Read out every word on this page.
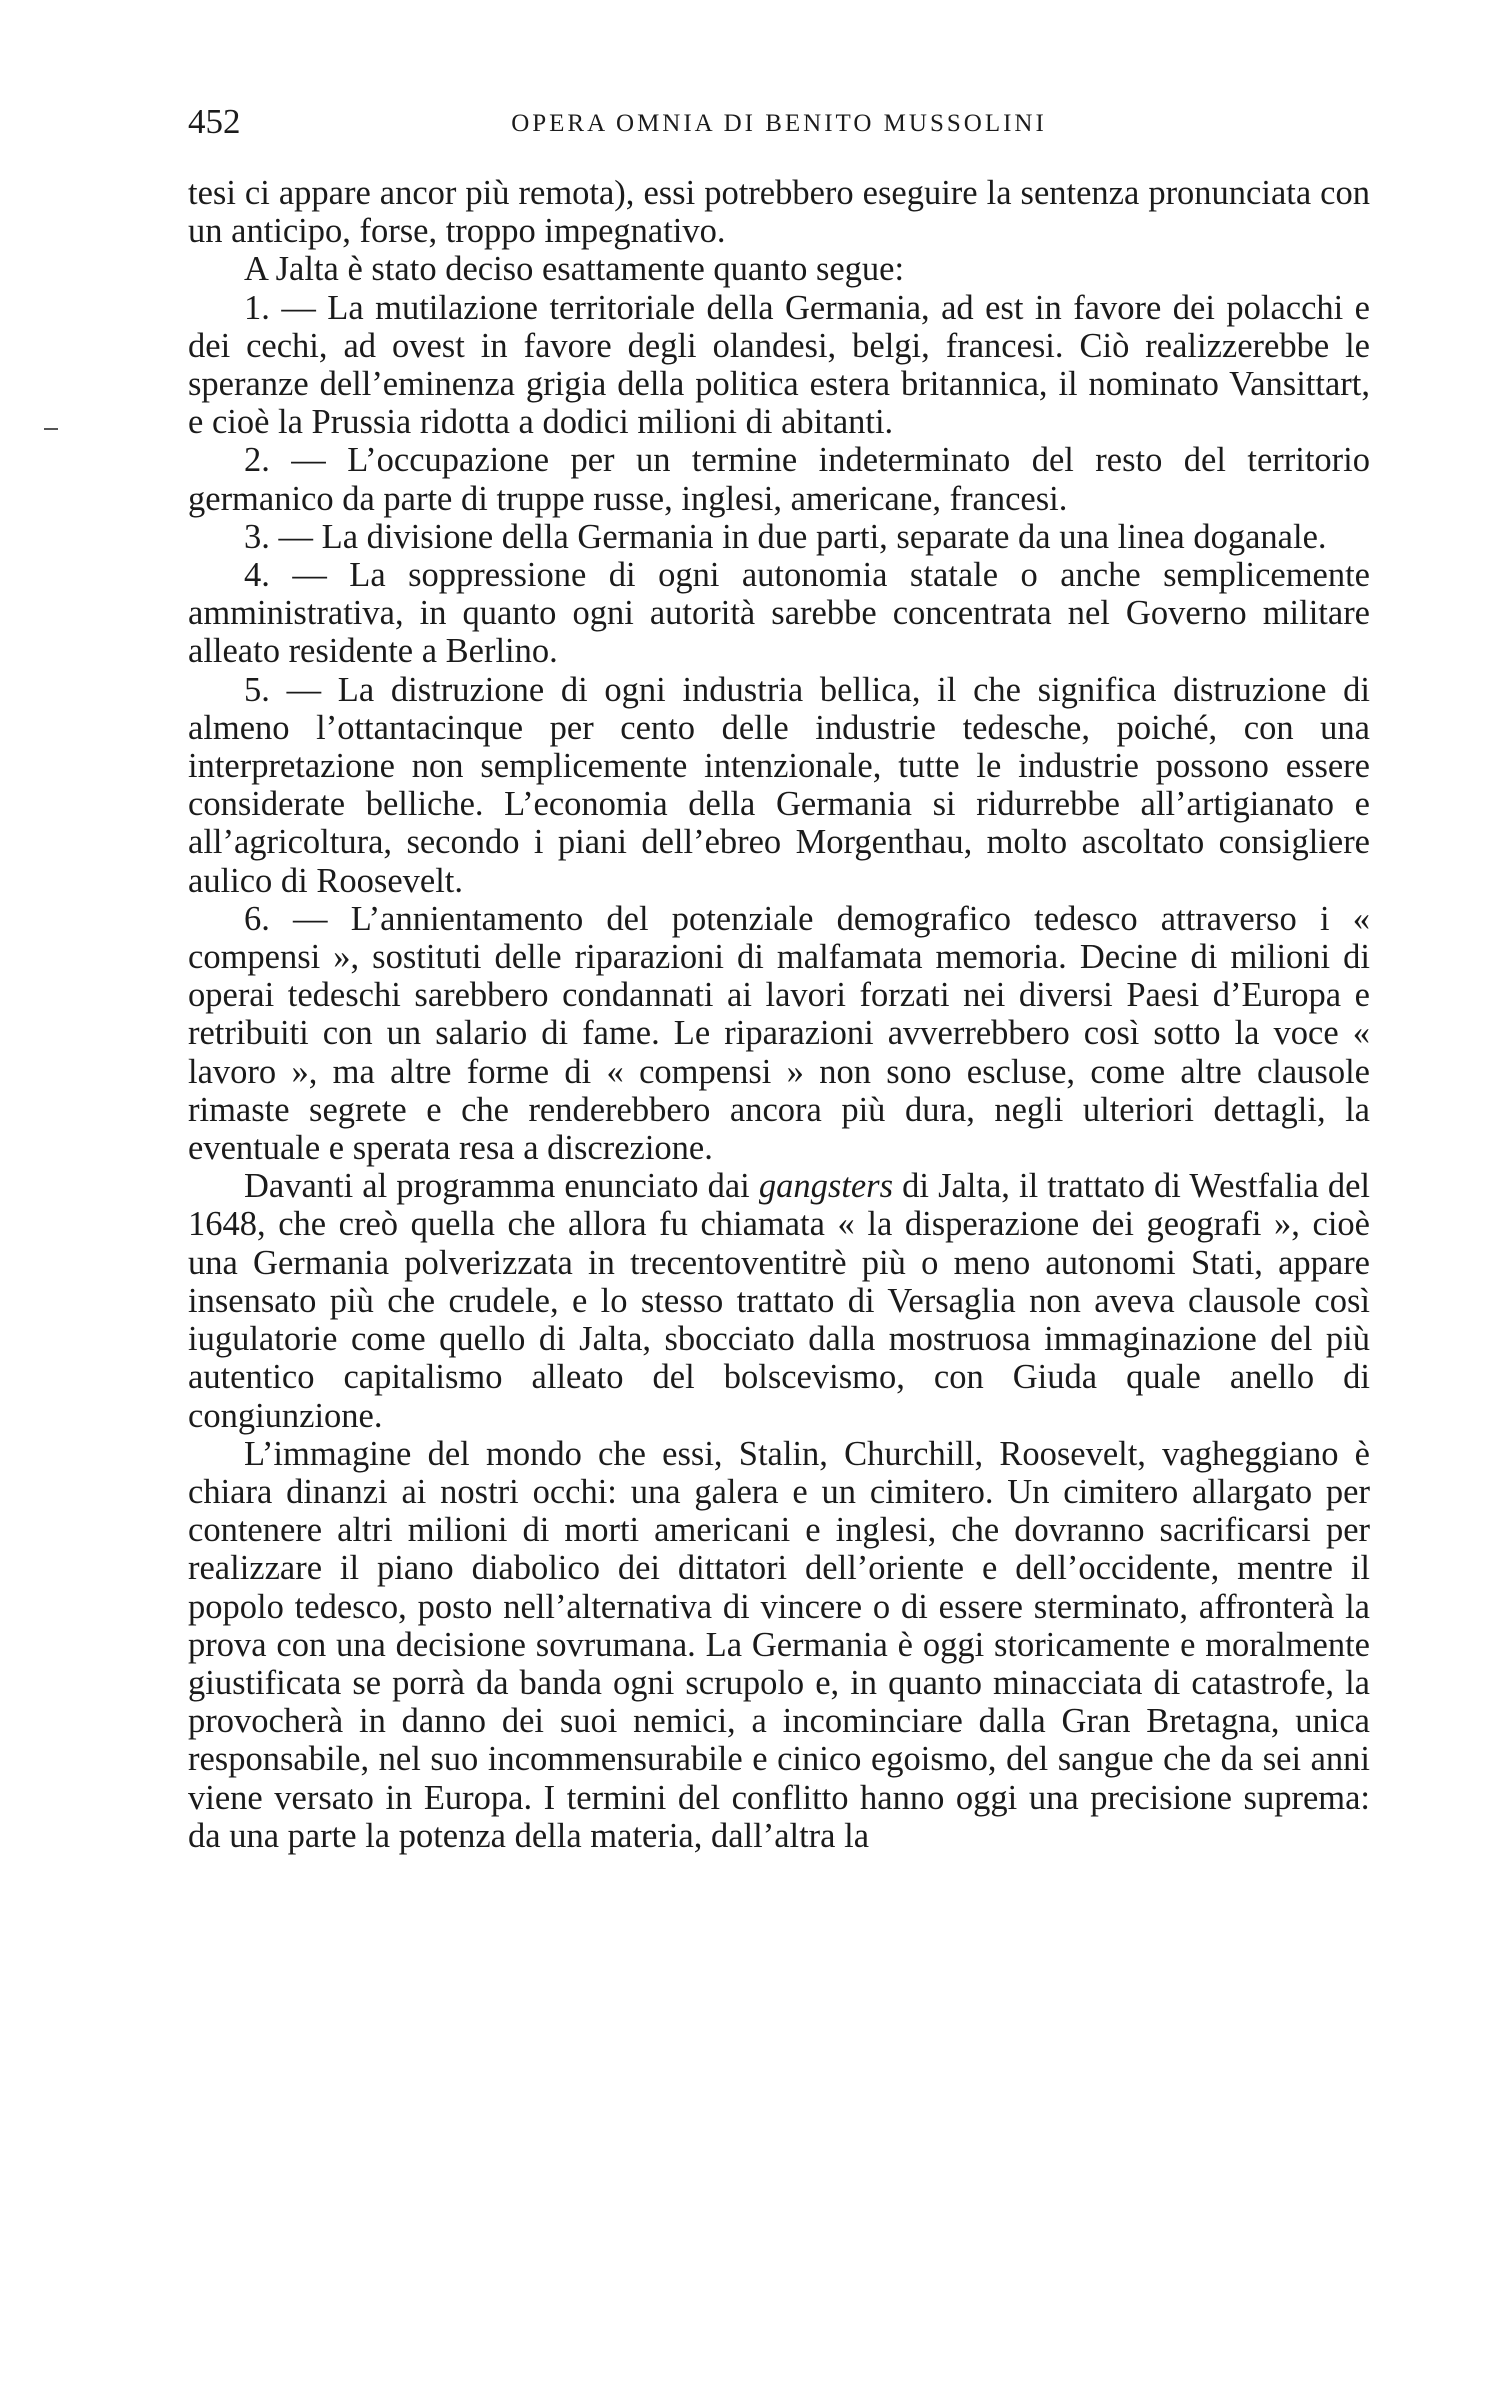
452	OPERA OMNIA DI BENITO MUSSOLINI

tesi ci appare ancor più remota), essi potrebbero eseguire la sentenza pronunciata con un anticipo, forse, troppo impegnativo.

A Jalta è stato deciso esattamente quanto segue:

1. — La mutilazione territoriale della Germania, ad est in favore dei polacchi e dei cechi, ad ovest in favore degli olandesi, belgi, francesi. Ciò realizzerebbe le speranze dell’eminenza grigia della politica estera britannica, il nominato Vansittart, e cioè la Prussia ridotta a dodici milioni di abitanti.

2. — L’occupazione per un termine indeterminato del resto del territorio germanico da parte di truppe russe, inglesi, americane, francesi.

3. — La divisione della Germania in due parti, separate da una linea doganale.

4. — La soppressione di ogni autonomia statale o anche semplicemente amministrativa, in quanto ogni autorità sarebbe concentrata nel Governo militare alleato residente a Berlino.

5. — La distruzione di ogni industria bellica, il che significa distruzione di almeno l’ottantacinque per cento delle industrie tedesche, poiché, con una interpretazione non semplicemente intenzionale, tutte le industrie possono essere considerate belliche. L’economia della Germania si ridurrebbe all’artigianato e all’agricoltura, secondo i piani dell’ebreo Morgenthau, molto ascoltato consigliere aulico di Roosevelt.

6. — L’annientamento del potenziale demografico tedesco attraverso i « compensi », sostituti delle riparazioni di malfamata memoria. Decine di milioni di operai tedeschi sarebbero condannati ai lavori forzati nei diversi Paesi d’Europa e retribuiti con un salario di fame. Le riparazioni avverrebbero così sotto la voce « lavoro », ma altre forme di « compensi » non sono escluse, come altre clausole rimaste segrete e che renderebbero ancora più dura, negli ulteriori dettagli, la eventuale e sperata resa a discrezione.

Davanti al programma enunciato dai gangsters di Jalta, il trattato di Westfalia del 1648, che creò quella che allora fu chiamata « la disperazione dei geografi », cioè una Germania polverizzata in trecentoventitrè più o meno autonomi Stati, appare insensato più che crudele, e lo stesso trattato di Versaglia non aveva clausole così iugulatorie come quello di Jalta, sbocciato dalla mostruosa immaginazione del più autentico capitalismo alleato del bolscevismo, con Giuda quale anello di congiunzione.

L’immagine del mondo che essi, Stalin, Churchill, Roosevelt, vagheggiano è chiara dinanzi ai nostri occhi: una galera e un cimitero. Un cimitero allargato per contenere altri milioni di morti americani e inglesi, che dovranno sacrificarsi per realizzare il piano diabolico dei dittatori dell’oriente e dell’occidente, mentre il popolo tedesco, posto nell’alternativa di vincere o di essere sterminato, affronterà la prova con una decisione sovrumana. La Germania è oggi storicamente e moralmente giustificata se porrà da banda ogni scrupolo e, in quanto minacciata di catastrofe, la provocherà in danno dei suoi nemici, a incominciare dalla Gran Bretagna, unica responsabile, nel suo incommensurabile e cinico egoismo, del sangue che da sei anni viene versato in Europa. I termini del conflitto hanno oggi una precisione suprema: da una parte la potenza della materia, dall’altra la
